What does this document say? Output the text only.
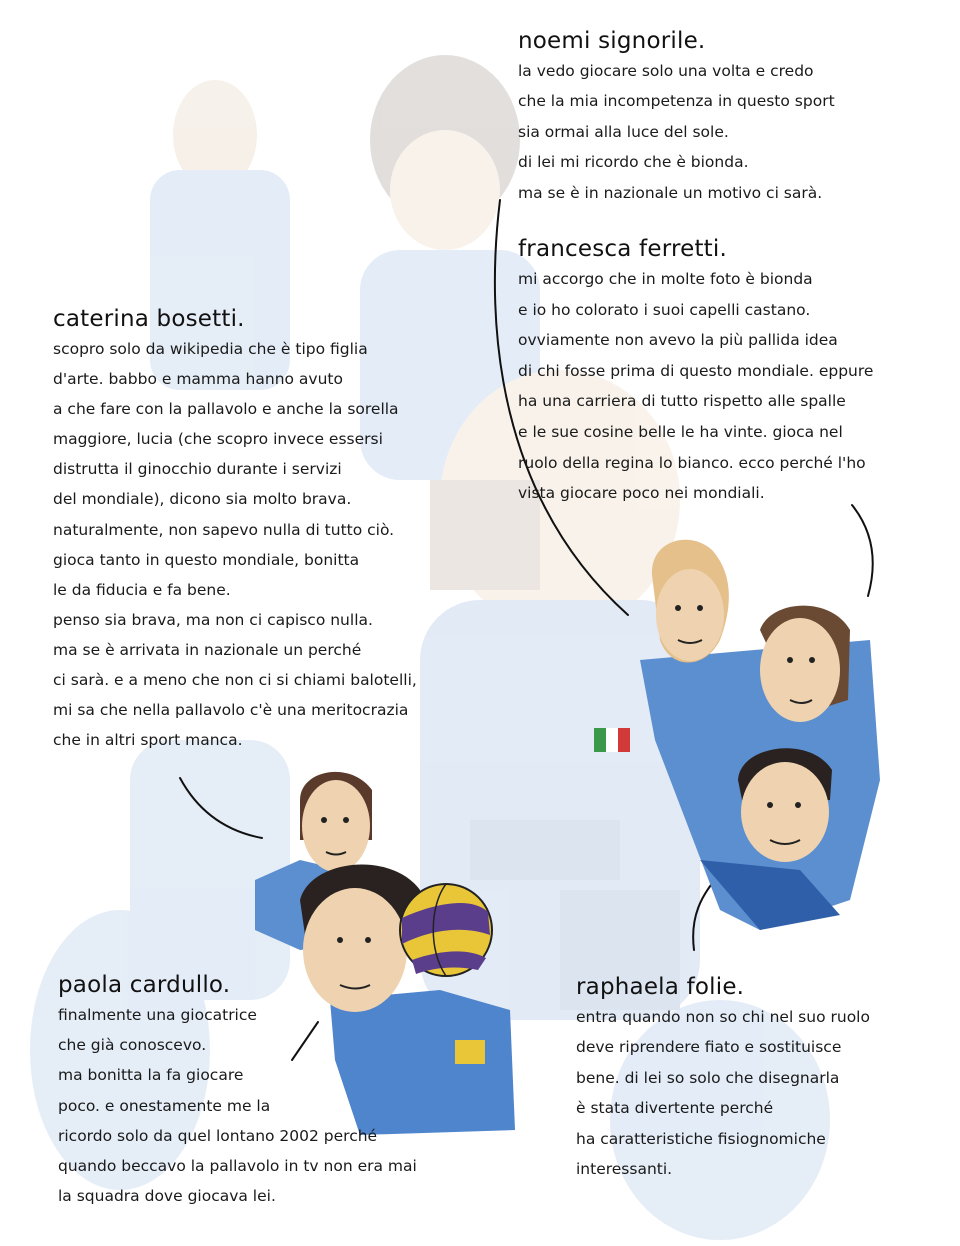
noemi signorile.
la vedo giocare solo una volta e credo
che la mia incompetenza in questo sport
sia ormai alla luce del sole.
di lei mi ricordo che è bionda.
ma se è in nazionale un motivo ci sarà.
francesca ferretti.
mi accorgo che in molte foto è bionda
e io ho colorato i suoi capelli castano.
ovviamente non avevo la più pallida idea
di chi fosse prima di questo mondiale. eppure
ha una carriera di tutto rispetto alle spalle
e le sue cosine belle le ha vinte. gioca nel
ruolo della regina lo bianco. ecco perché l'ho
vista giocare poco nei mondiali.
caterina bosetti.
scopro solo da wikipedia che è tipo figlia
d'arte. babbo e mamma hanno avuto
a che fare con la pallavolo e anche la sorella
maggiore, lucia (che scopro invece essersi
distrutta il ginocchio durante i servizi
del mondiale), dicono sia molto brava.
naturalmente, non sapevo nulla di tutto ciò.
gioca tanto in questo mondiale, bonitta
le da fiducia e fa bene.
penso sia brava, ma non ci capisco nulla.
ma se è arrivata in nazionale un perché
ci sarà. e a meno che non ci si chiami balotelli,
mi sa che nella pallavolo c'è una meritocrazia
che in altri sport manca.
paola cardullo.
finalmente una giocatrice
che già conoscevo.
ma bonitta la fa giocare
poco. e onestamente me la
ricordo solo da quel lontano 2002 perché
quando beccavo la pallavolo in tv non era mai
la squadra dove giocava lei.
raphaela folie.
entra quando non so chi nel suo ruolo
deve riprendere fiato e sostituisce
bene. di lei so solo che disegnarla
è stata divertente perché
ha caratteristiche fisiognomiche
interessanti.
